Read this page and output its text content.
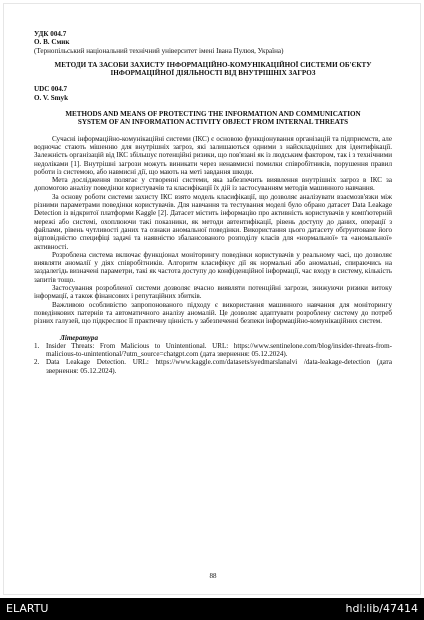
УДК 004.7

О. В. Смик

(Тернопільський національний технічний університет імені Івана Пулюя, Україна)

МЕТОДИ ТА ЗАСОБИ ЗАХИСТУ ІНФОРМАЦІЙНО-КОМУНІКАЦІЙНОЇ СИСТЕМИ ОБ'ЄКТУ ІНФОРМАЦІЙНОЇ ДІЯЛЬНОСТІ ВІД ВНУТРІШНІХ ЗАГРОЗ

UDC 004.7

O. V. Smyk

METHODS AND MEANS OF PROTECTING THE INFORMATION AND COMMUNICATION SYSTEM OF AN INFORMATION ACTIVITY OBJECT FROM INTERNAL THREATS

Сучасні інформаційно-комунікаційні системи (ІКС) є основою функціонування організацій та підприємств, але водночас стають мішенню для внутрішніх загроз, які залишаються одними з найскладніших для ідентифікації. Залежність організацій від ІКС збільшує потенційні ризики, що пов'язані як із людським фактором, так і з технічними недоліками [1]. Внутрішні загрози можуть виникати через ненавмисні помилки співробітників, порушення правил роботи із системою, або навмисні дії, що мають на меті завдання шкоди.

Мета дослідження полягає у створенні системи, яка забезпечить виявлення внутрішніх загроз в ІКС за допомогою аналізу поведінки користувачів та класифікації їх дій із застосуванням методів машинного навчання.

За основу роботи системи захисту ІКС взято модель класифікації, що дозволяє аналізувати взаємозв'язки між різними параметрами поведінки користувачів. Для навчання та тестування моделі було обрано датасет Data Leakage Detection із відкритої платформи Kaggle [2]. Датасет містить інформацію про активність користувачів у комп'ютерній мережі або системі, охоплюючи такі показники, як методи автентифікації, рівень доступу до даних, операції з файлами, рівень чутливості даних та ознаки аномальної поведінки. Використання цього датасету обґрунтоване його відповідністю специфіці задачі та наявністю збалансованого розподілу класів для «нормальної» та «аномальної» активності.

Розроблена система включає функціонал моніторингу поведінки користувачів у реальному часі, що дозволяє виявляти аномалії у діях співробітників. Алгоритм класифікує дії як нормальні або аномальні, спираючись на заздалегідь визначені параметри, такі як частота доступу до конфіденційної інформації, час входу в систему, кількість запитів тощо.

Застосування розробленої системи дозволяє вчасно виявляти потенційні загрози, знижуючи ризики витоку інформації, а також фінансових і репутаційних збитків.

Важливою особливістю запропонованого підходу є використання машинного навчання для моніторингу поведінкових патернів та автоматичного аналізу аномалій. Це дозволяє адаптувати розроблену систему до потреб різних галузей, що підкреслює її практичну цінність у забезпеченні безпеки інформаційно-комунікаційних систем.

Література

1. Insider Threats: From Malicious to Unintentional. URL: https://www.sentinelone.com/blog/insider-threats-from-malicious-to-unintentional/?utm_source=chatgpt.com (дата звернення: 05.12.2024).
2. Data Leakage Detection. URL: https://www.kaggle.com/datasets/syedmarslanalvi /data-leakage-detection (дата звернення: 05.12.2024).
88
ELARTU	hdl:lib/47414
